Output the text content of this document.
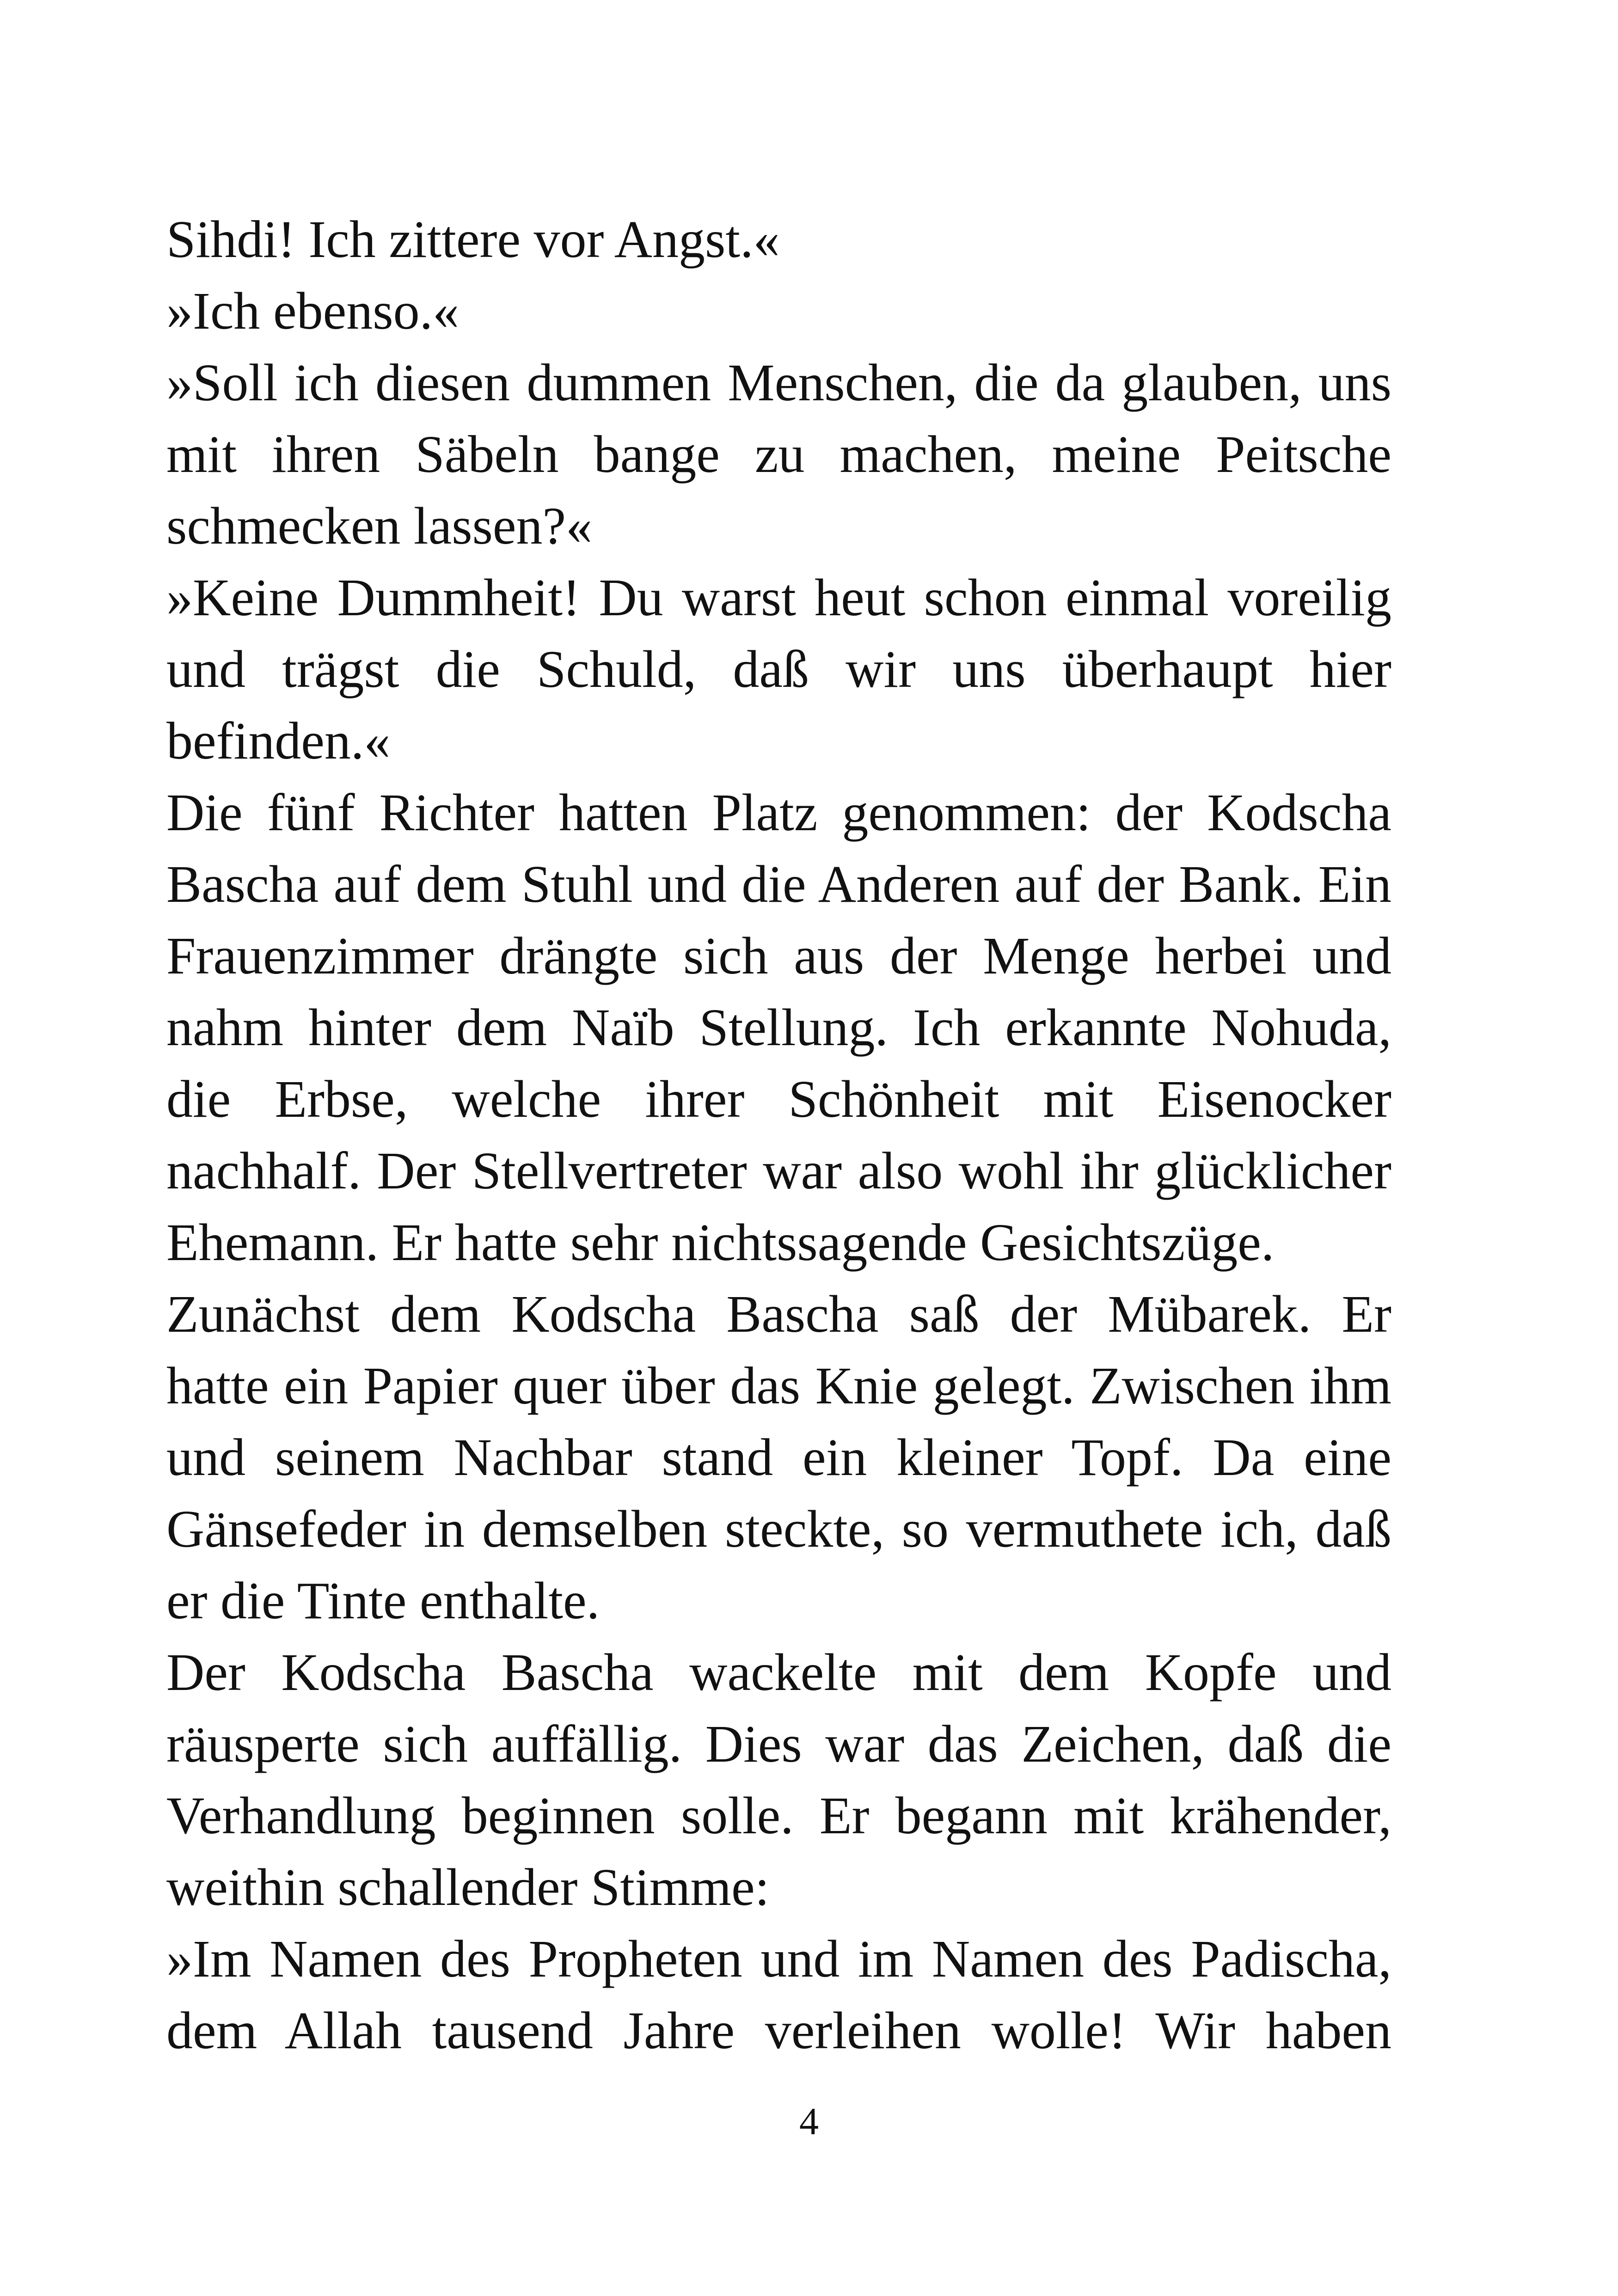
Sihdi! Ich zittere vor Angst.«
»Ich ebenso.«
»Soll ich diesen dummen Menschen, die da glauben, uns
mit ihren Säbeln bange zu machen, meine Peitsche
schmecken lassen?«
»Keine Dummheit! Du warst heut schon einmal voreilig
und trägst die Schuld, daß wir uns überhaupt hier
befinden.«
Die fünf Richter hatten Platz genommen: der Kodscha
Bascha auf dem Stuhl und die Anderen auf der Bank. Ein
Frauenzimmer drängte sich aus der Menge herbei und
nahm hinter dem Naïb Stellung. Ich erkannte Nohuda,
die Erbse, welche ihrer Schönheit mit Eisenocker
nachhalf. Der Stellvertreter war also wohl ihr glücklicher
Ehemann. Er hatte sehr nichtssagende Gesichtszüge.
Zunächst dem Kodscha Bascha saß der Mübarek. Er
hatte ein Papier quer über das Knie gelegt. Zwischen ihm
und seinem Nachbar stand ein kleiner Topf. Da eine
Gänsefeder in demselben steckte, so vermuthete ich, daß
er die Tinte enthalte.
Der Kodscha Bascha wackelte mit dem Kopfe und
räusperte sich auffällig. Dies war das Zeichen, daß die
Verhandlung beginnen solle. Er begann mit krähender,
weithin schallender Stimme:
»Im Namen des Propheten und im Namen des Padischa,
dem Allah tausend Jahre verleihen wolle! Wir haben
4
